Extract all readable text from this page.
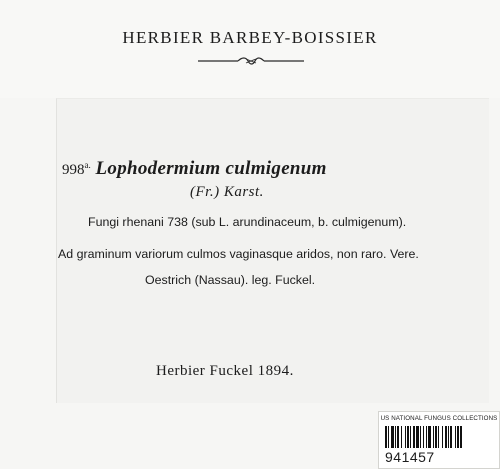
HERBIER BARBEY-BOISSIER
$998^{a.}$ Lophodermium culmigenum
(Fr.) Karst.
Fungi rhenani 738 (sub L. arundinaceum, b. culmigenum).
Ad graminum variorum culmos vaginasque aridos, non raro. Vere.
Oestrich (Nassau). leg. Fuckel.
Herbier Fuckel 1894.
US NATIONAL FUNGUS COLLECTIONS
941457
